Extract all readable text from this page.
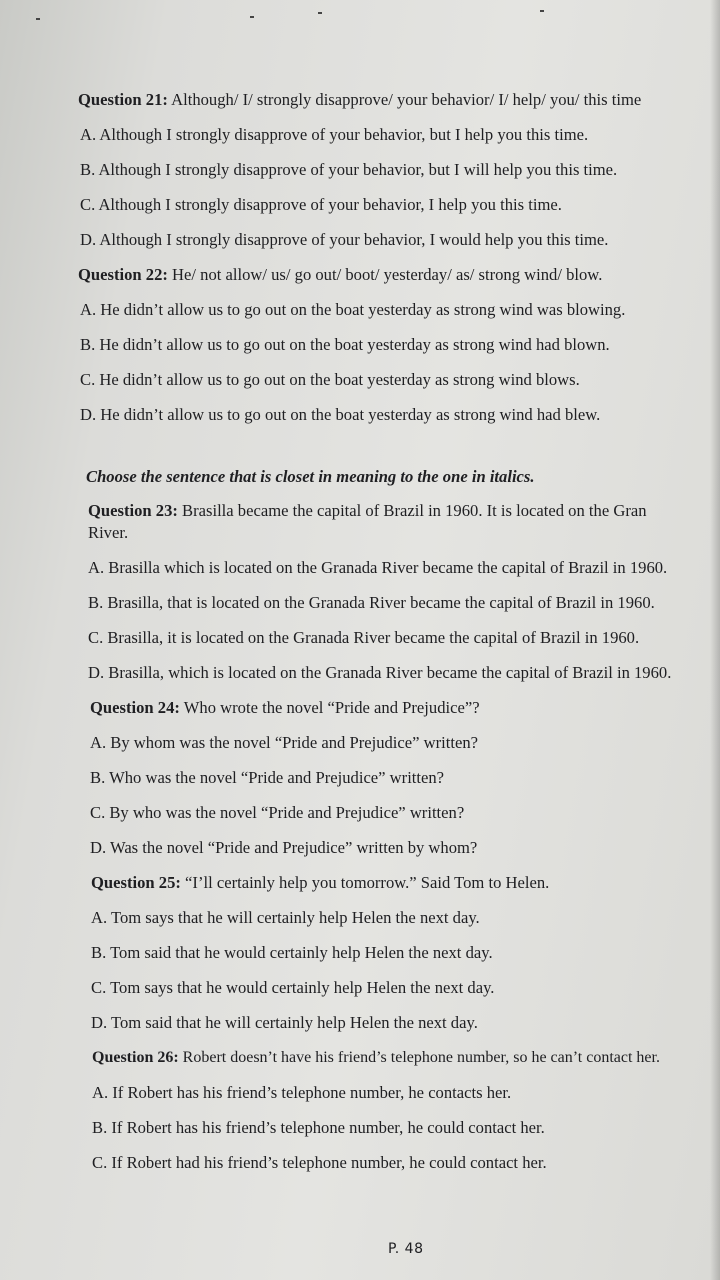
Question 21: Although/ I/ strongly disapprove/ your behavior/ I/ help/ you/ this time

A. Although I strongly disapprove of your behavior, but I help you this time.

B. Although I strongly disapprove of your behavior, but I will help you this time.

C. Although I strongly disapprove of your behavior, I help you this time.

D. Although I strongly disapprove of your behavior, I would help you this time.

Question 22: He/ not allow/ us/ go out/ boot/ yesterday/ as/ strong wind/ blow.

A. He didn’t allow us to go out on the boat yesterday as strong wind was blowing.

B. He didn’t allow us to go out on the boat yesterday as strong wind had blown.

C. He didn’t allow us to go out on the boat yesterday as strong wind blows.

D. He didn’t allow us to go out on the boat yesterday as strong wind had blew.

Choose the sentence that is closet in meaning to the one in italics.

Question 23: Brasilla became the capital of Brazil in 1960. It is located on the Gran

River.

A. Brasilla which is located on the Granada River became the capital of Brazil in 1960.

B. Brasilla, that is located on the Granada River became the capital of Brazil in 1960.

C. Brasilla, it is located on the Granada River became the capital of Brazil in 1960.

D. Brasilla, which is located on the Granada River became the capital of Brazil in 1960.

Question 24: Who wrote the novel “Pride and Prejudice”?

A. By whom was the novel “Pride and Prejudice” written?

B. Who was the novel “Pride and Prejudice” written?

C. By who was the novel “Pride and Prejudice” written?

D. Was the novel “Pride and Prejudice” written by whom?

Question 25: “I’ll certainly help you tomorrow.” Said Tom to Helen.

A. Tom says that he will certainly help Helen the next day.

B. Tom said that he would certainly help Helen the next day.

C. Tom says that he would certainly help Helen the next day.

D. Tom said that he will certainly help Helen the next day.

Question 26: Robert doesn’t have his friend’s telephone number, so he can’t contact her.

A. If Robert has his friend’s telephone number, he contacts her.

B. If Robert has his friend’s telephone number, he could contact her.

C. If Robert had his friend’s telephone number, he could contact her.

P. 48
